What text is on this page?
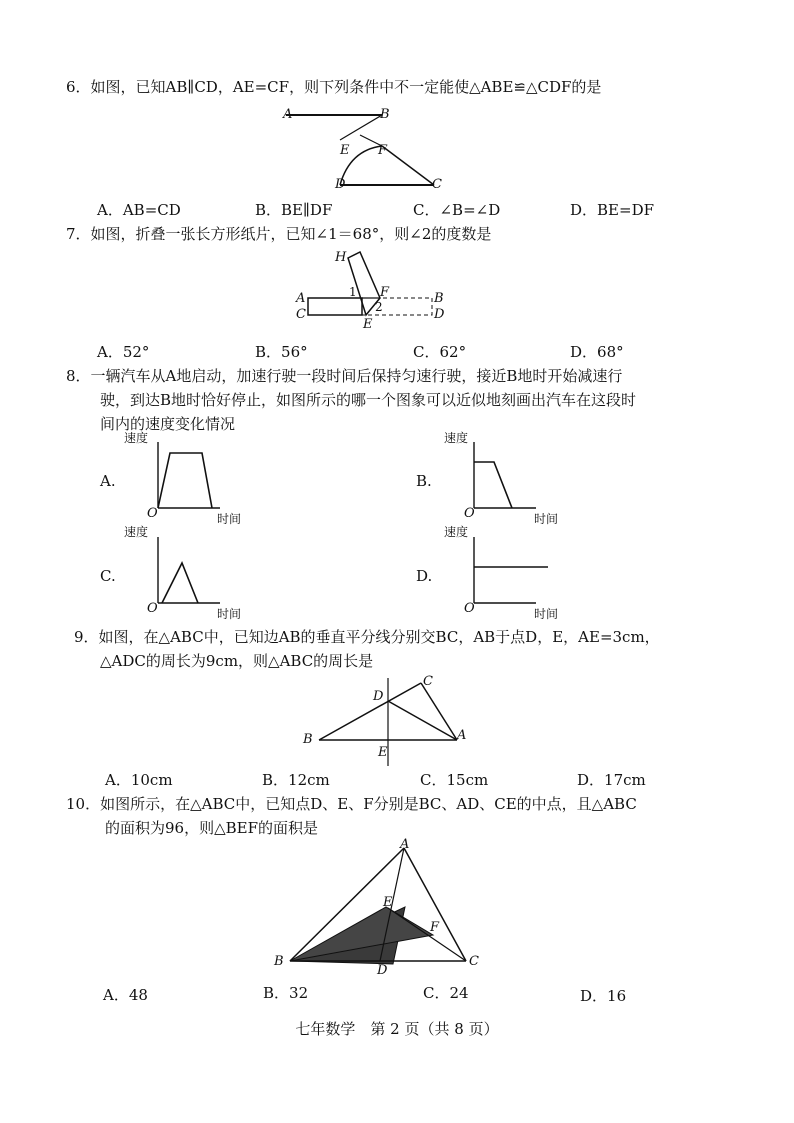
6．如图，已知AB∥CD，AE=CF，则下列条件中不一定能使△ABE≌△CDF的是
A	B
E F
D	C
A．AB=CD	B．BE∥DF	C．∠B=∠D	D．BE=DF
7．如图，折叠一张长方形纸片，已知∠1＝68°，则∠2的度数是
H
F
1
2
A
C
B
D
E
A．52°	B．56°	C．62°	D．68°
8．一辆汽车从A地启动，加速行驶一段时间后保持匀速行驶，接近B地时开始减速行
驶，到达B地时恰好停止，如图所示的哪一个图象可以近似地刻画出汽车在这段时
间内的速度变化情况
A.
速度
时间
O
B.
速度
时间
O
C.
速度
时间
O
D.
速度
时间
O
9．如图，在△ABC中，已知边AB的垂直平分线分别交BC，AB于点D，E，AE=3cm，
△ADC的周长为9cm，则△ABC的周长是
B	A
C
D
E
A．10cm	B．12cm	C．15cm	D．17cm
10．如图所示，在△ABC中，已知点D、E、F分别是BC、AD、CE的中点，且△ABC
的面积为96，则△BEF的面积是
A
B	C
D
E
F
A．48	B．32	C．24	D．16
七年数学　第 2 页（共 8 页）
